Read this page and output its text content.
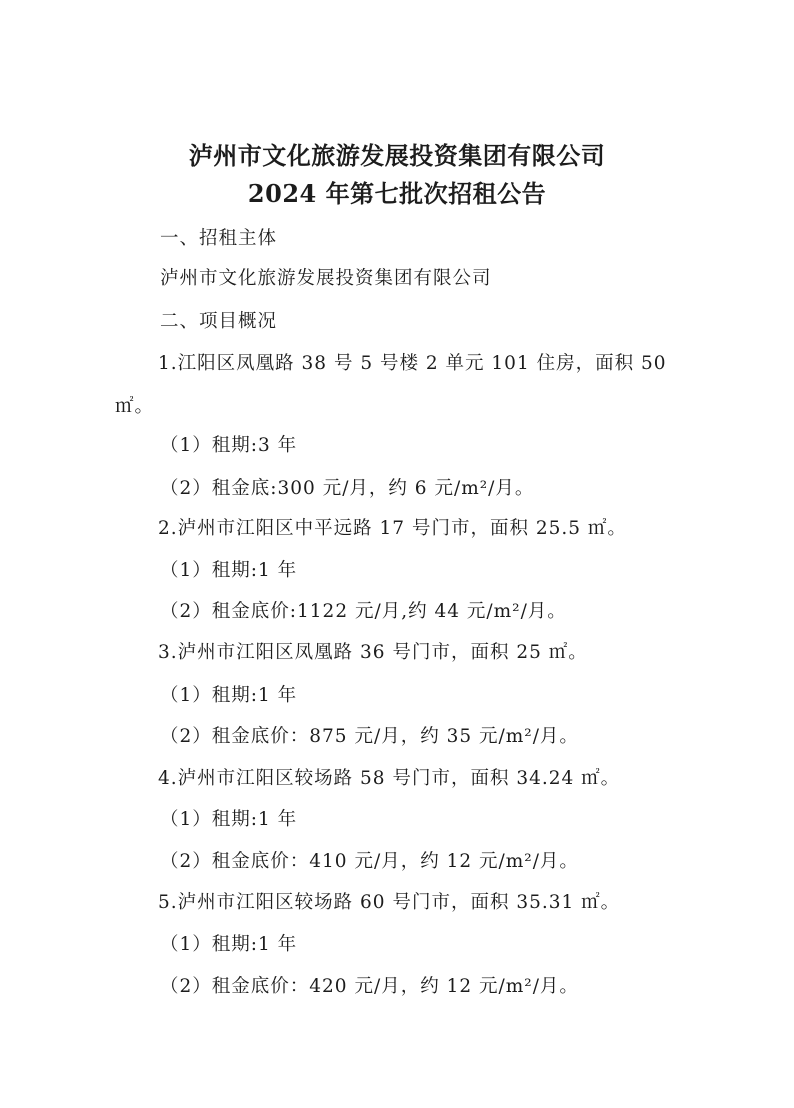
泸州市文化旅游发展投资集团有限公司
2024 年第七批次招租公告
一、招租主体
泸州市文化旅游发展投资集团有限公司
二、项目概况
1.江阳区凤凰路 38 号 5 号楼 2 单元 101 住房，面积 50
㎡。
（1）租期:3 年
（2）租金底:300 元/月，约 6 元/m²/月。
2.泸州市江阳区中平远路 17 号门市，面积 25.5 ㎡。
（1）租期:1 年
（2）租金底价:1122 元/月,约 44 元/m²/月。
3.泸州市江阳区凤凰路 36 号门市，面积 25 ㎡。
（1）租期:1 年
（2）租金底价：875 元/月，约 35 元/m²/月。
4.泸州市江阳区较场路 58 号门市，面积 34.24 ㎡。
（1）租期:1 年
（2）租金底价：410 元/月，约 12 元/m²/月。
5.泸州市江阳区较场路 60 号门市，面积 35.31 ㎡。
（1）租期:1 年
（2）租金底价：420 元/月，约 12 元/m²/月。
